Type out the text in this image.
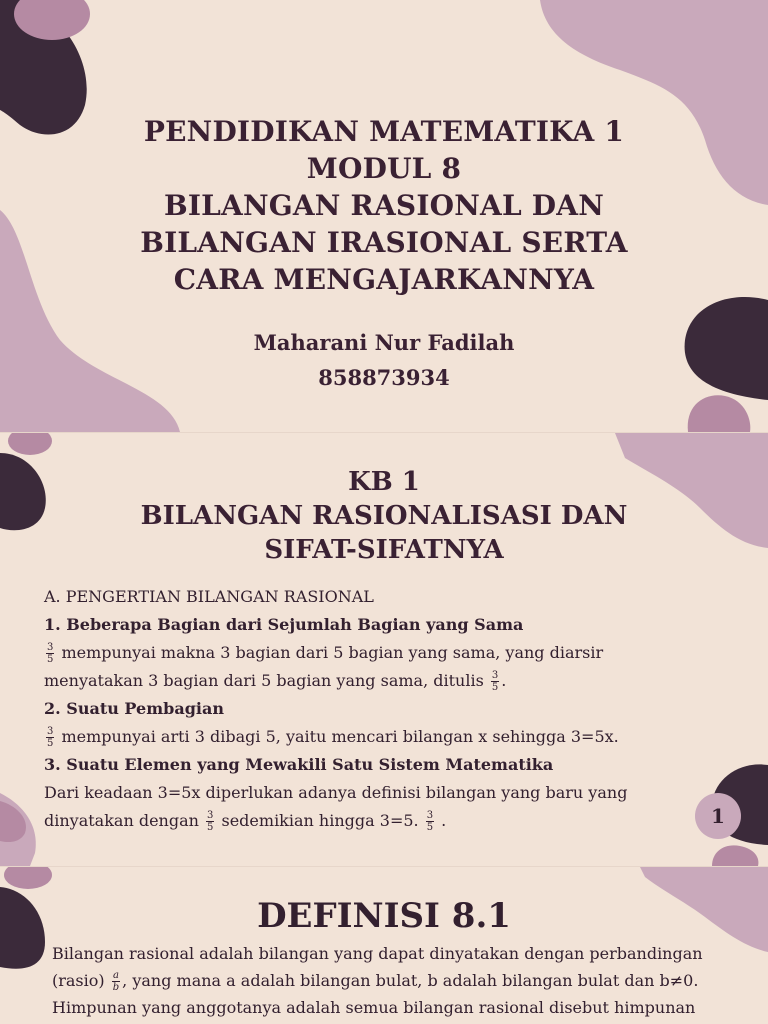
PENDIDIKAN MATEMATIKA 1
MODUL 8
BILANGAN RASIONAL DAN
BILANGAN IRASIONAL SERTA
CARA MENGAJARKANNYA
Maharani Nur Fadilah
858873934
KB 1
BILANGAN RASIONALISASI DAN
SIFAT-SIFATNYA
A. PENGERTIAN BILANGAN RASIONAL
1. Beberapa Bagian dari Sejumlah Bagian yang Sama
$\frac{3}{5}$ mempunyai makna 3 bagian dari 5 bagian yang sama, yang diarsir
menyatakan 3 bagian dari 5 bagian yang sama, ditulis $\frac{3}{5}$ .
2. Suatu Pembagian
$\frac{3}{5}$ mempunyai arti 3 dibagi 5, yaitu mencari bilangan x sehingga 3=5x.
3. Suatu Elemen yang Mewakili Satu Sistem Matematika
Dari keadaan 3=5x diperlukan adanya definisi bilangan yang baru yang
dinyatakan dengan $\frac{3}{5}$ sedemikian hingga 3=5. $\frac{3}{5}$ .	1
DEFINISI 8.1
Bilangan rasional adalah bilangan yang dapat dinyatakan dengan perbandingan
(rasio) $\frac{a}{b}$ , yang mana a adalah bilangan bulat, b adalah bilangan bulat dan b≠0.
Himpunan yang anggotanya adalah semua bilangan rasional disebut himpunan
